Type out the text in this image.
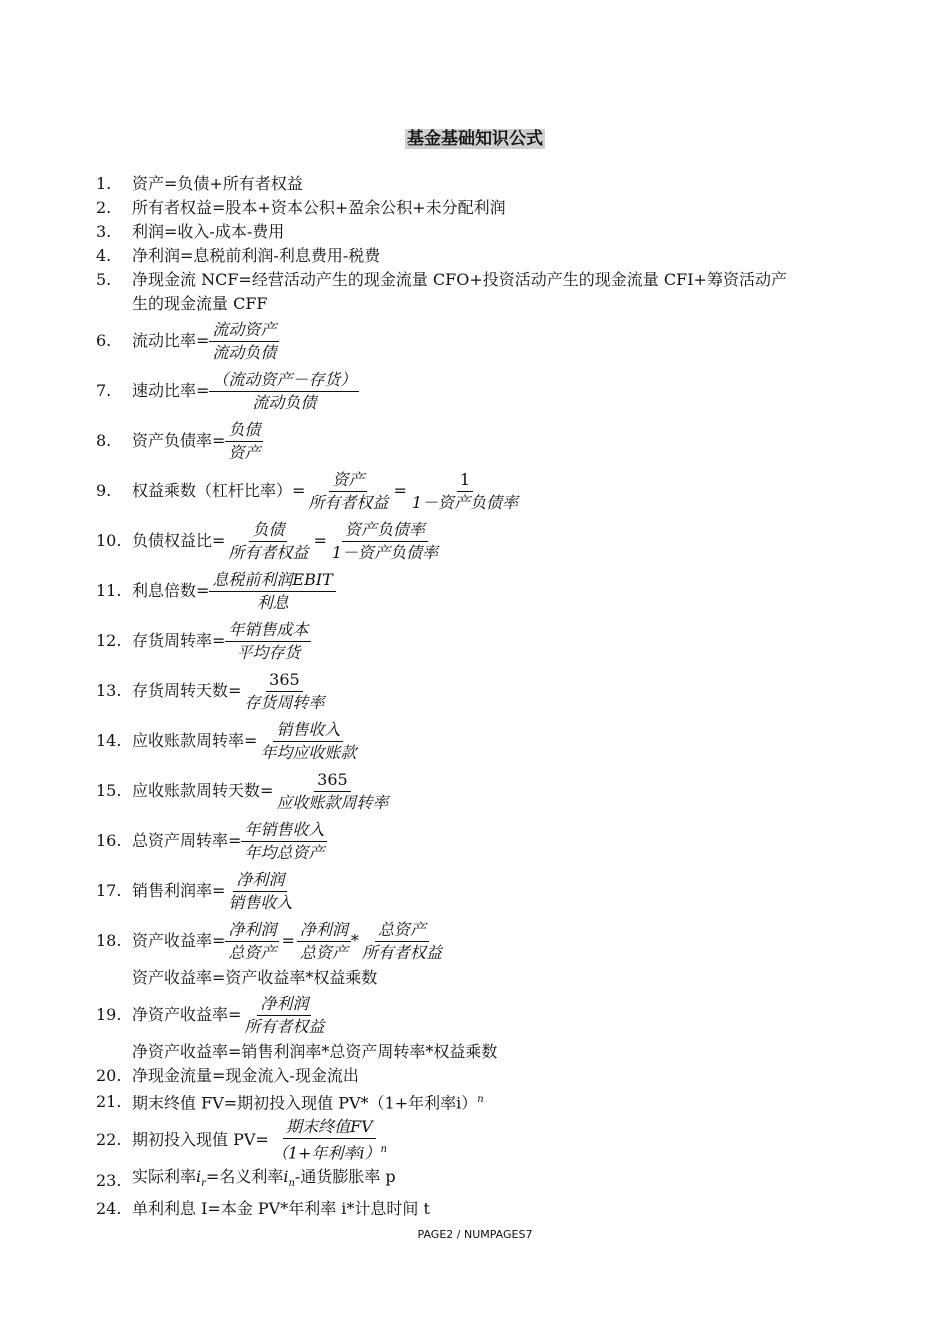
基金基础知识公式
1.	资产=负债+所有者权益
2.	所有者权益=股本+资本公积+盈余公积+未分配利润
3.	利润=收入-成本-费用
4.	净利润=息税前利润-利息费用-税费
5.	净现金流 NCF=经营活动产生的现金流量 CFO+投资活动产生的现金流量 CFI+筹资活动产
生的现金流量 CFF
6.	流动比率= $\frac{\text{流动资产}}{\text{流动负债}}$
7.	速动比率= $\frac{\text{（流动资产－存货）}}{\text{流动负债}}$
8.	资产负债率= $\frac{\text{负债}}{\text{资产}}$
9.	权益乘数（杠杆比率）= $\frac{\text{资产}}{\text{所有者权益}} = \frac{1}{\text{1－资产负债率}}$
10. 负债权益比= $\frac{\text{负债}}{\text{所有者权益}} = \frac{\text{资产负债率}}{\text{1－资产负债率}}$
11. 利息倍数= $\frac{\text{息税前利润EBIT}}{\text{利息}}$
12. 存货周转率= $\frac{\text{年销售成本}}{\text{平均存货}}$
13. 存货周转天数= $\frac{365}{\text{存货周转率}}$
14. 应收账款周转率= $\frac{\text{销售收入}}{\text{年均应收账款}}$
15. 应收账款周转天数= $\frac{365}{\text{应收账款周转率}}$
16. 总资产周转率= $\frac{\text{年销售收入}}{\text{年均总资产}}$
17. 销售利润率= $\frac{\text{净利润}}{\text{销售收入}}$
18. 资产收益率= $\frac{\text{净利润}}{\text{总资产}} = \frac{\text{净利润}}{\text{总资产}} * \frac{\text{总资产}}{\text{所有者权益}}$
资产收益率=资产收益率*权益乘数
19. 净资产收益率= $\frac{\text{净利润}}{\text{所有者权益}}$
净资产收益率=销售利润率*总资产周转率*权益乘数
20. 净现金流量=现金流入-现金流出
21. 期末终值 FV=期初投入现值 PV*（1+年利率i）$^n$
22. 期初投入现值 $PV= \frac{\text{期末终值FV}}{(1+年利率i)^n}$
23. 实际利率$i_r=$名义利率$i_n-$通货膨胀率 p
24. 单利利息 I=本金 PV*年利率 i*计息时间 t
PAGE2 / NUMPAGES7
